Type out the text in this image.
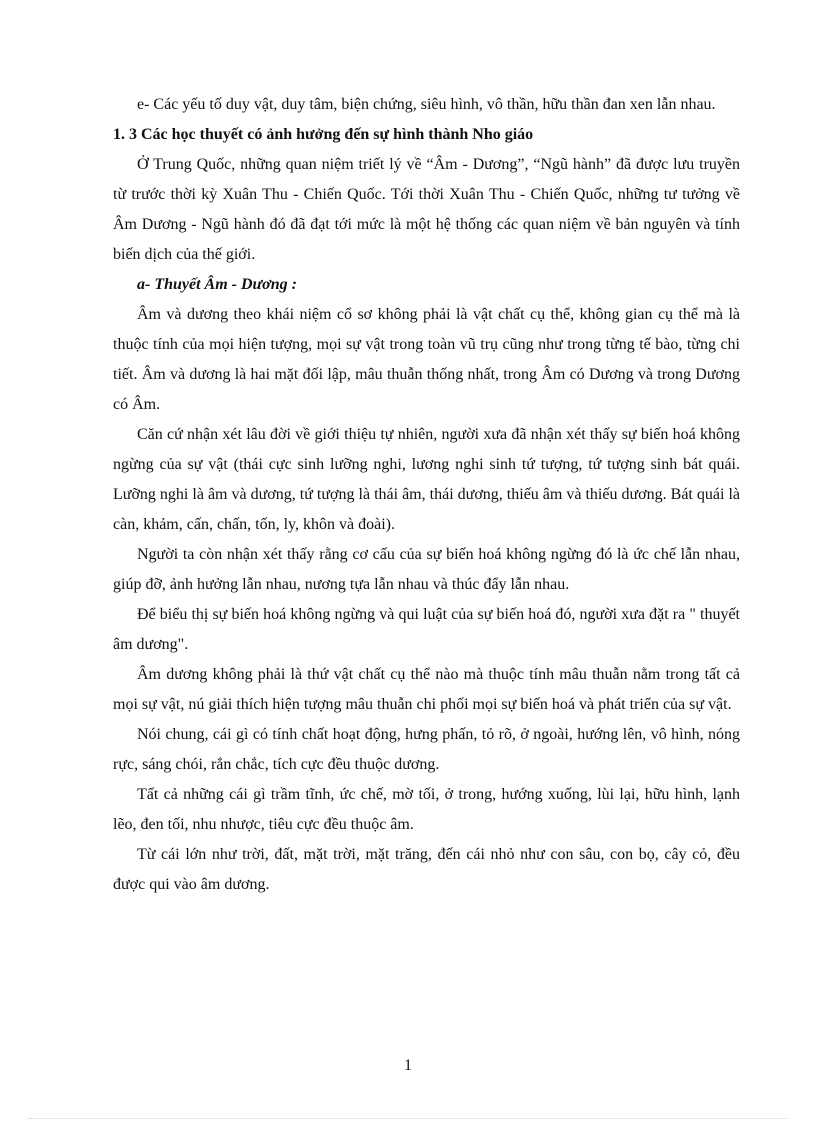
e- Các yếu tố duy vật, duy tâm, biện chứng, siêu hình, vô thần, hữu thần đan xen lẫn nhau.

1. 3 Các học thuyết có ảnh hưởng đến sự hình thành Nho giáo

Ở Trung Quốc, những quan niệm triết lý về “Âm - Dương”, “Ngũ hành” đã được lưu truyền từ trước thời kỳ Xuân Thu - Chiến Quốc. Tới thời Xuân Thu - Chiến Quốc, những tư tưởng về Âm Dương - Ngũ hành đó đã đạt tới mức là một hệ thống các quan niệm về bản nguyên và tính biến dịch của thế giới.

a- Thuyết Âm - Dương :

Âm và dương theo khái niệm cổ sơ không phải là vật chất cụ thể, không gian cụ thể mà là thuộc tính của mọi hiện tượng, mọi sự vật trong toàn vũ trụ cũng như trong từng tế bào, từng chi tiết. Âm và dương là hai mặt đối lập, mâu thuẫn thống nhất, trong Âm có Dương và trong Dương có Âm.

Căn cứ nhận xét lâu đời về giới thiệu tự nhiên, người xưa đã nhận xét thấy sự biến hoá không ngừng của sự vật (thái cực sinh lưỡng nghi, lương nghi sinh tứ tượng, tứ tượng sinh bát quái. Lưỡng nghi là âm và dương, tứ tượng là thái âm, thái dương, thiếu âm và thiếu dương. Bát quái là càn, khảm, cấn, chấn, tốn, ly, khôn và đoài).

Người ta còn nhận xét thấy rằng cơ cấu của sự biến hoá không ngừng đó là ức chế lẫn nhau, giúp đỡ, ảnh hưởng lẫn nhau, nương tựa lẫn nhau và thúc đẩy lẫn nhau.

Để biểu thị sự biến hoá không ngừng và qui luật của sự biến hoá đó, người xưa đặt ra " thuyết âm dương".

Âm dương không phải là thứ vật chất cụ thể nào mà thuộc tính mâu thuẫn nằm trong tất cả mọi sự vật, nú giải thích hiện tượng mâu thuẫn chi phối mọi sự biến hoá và phát triển của sự vật.

Nói chung, cái gì có tính chất hoạt động, hưng phấn, tỏ rõ, ở ngoài, hướng lên, vô hình, nóng rực, sáng chói, rắn chắc, tích cực đều thuộc dương.

Tất cả những cái gì trầm tĩnh, ức chế, mờ tối, ở trong, hướng xuống, lùi lại, hữu hình, lạnh lẽo, đen tối, nhu nhược, tiêu cực đều thuộc âm.

Từ cái lớn như trời, đất, mặt trời, mặt trăng, đến cái nhỏ như con sâu, con bọ, cây cỏ, đều được qui vào âm dương.

1
